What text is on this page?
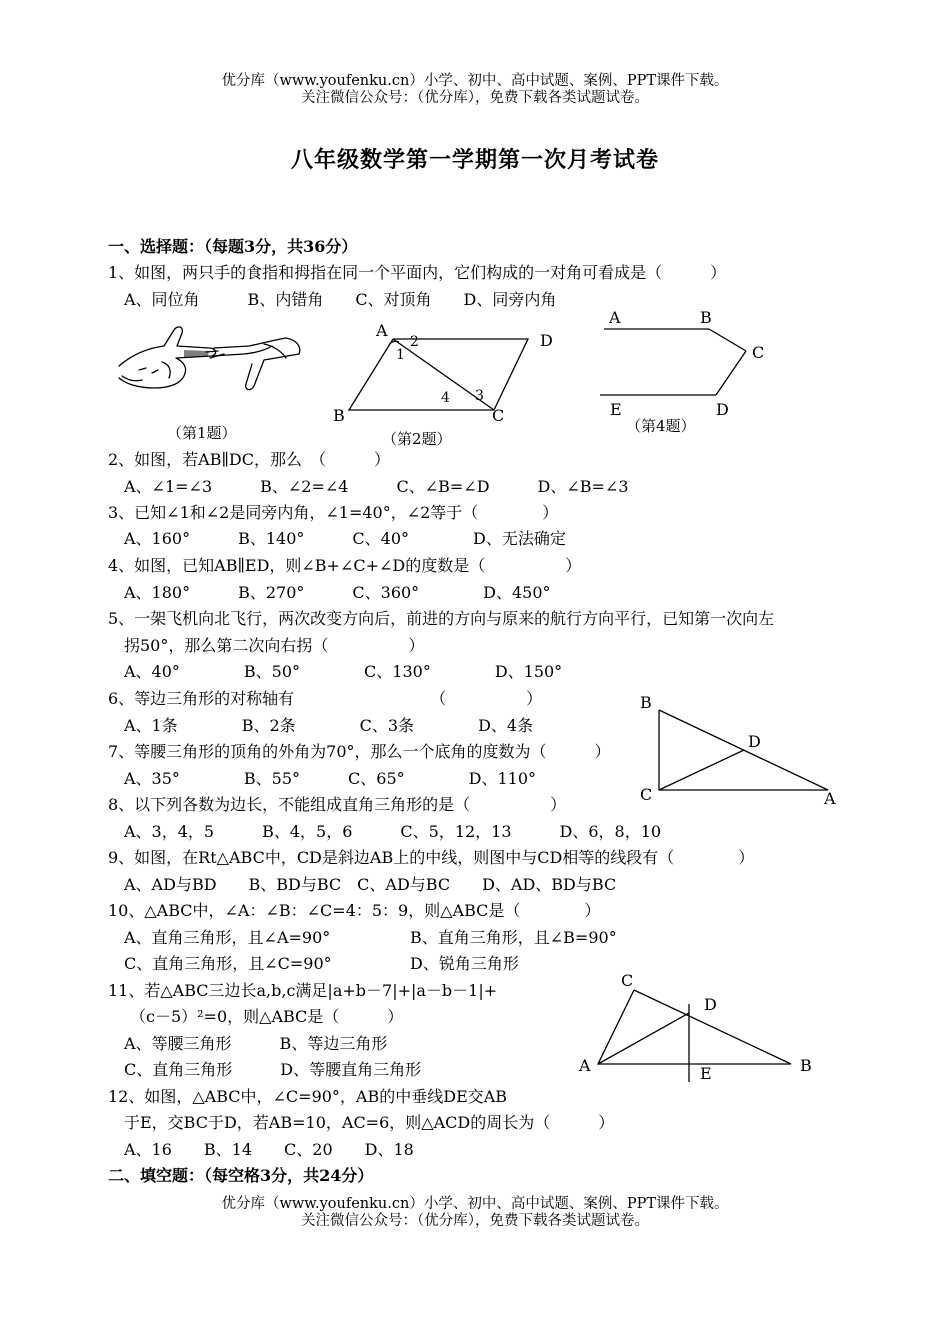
优分库（www.youfenku.cn）小学、初中、高中试题、案例、PPT课件下载。
关注微信公众号：（优分库），免费下载各类试题试卷。
八年级数学第一学期第一次月考试卷
一、选择题：（每题3分，共36分）
1、如图，两只手的食指和拇指在同一个平面内，它们构成的一对角可看成是（　　　）
A、同位角　　　B、内错角　　C、对顶角　　D、同旁内角
（第1题）
A
D
B	C
1
2
3
4
（第2题）
A	B
C
E	D
（第4题）
2、如图，若AB∥DC，那么　（　　　）
A、∠1=∠3　　　B、∠2=∠4　　　C、∠B=∠D　　　D、∠B=∠3
3、已知∠1和∠2是同旁内角，∠1=40°，∠2等于（　　　　）
A、160°　　　B、140°　　　C、40°　　　　D、无法确定
4、如图，已知AB∥ED，则∠B+∠C+∠D的度数是（　　　　　）
A、180°　　　B、270°　　　C、360°　　　　D、450°
5、一架飞机向北飞行，两次改变方向后，前进的方向与原来的航行方向平行，已知第一次向左
拐50°，那么第二次向右拐（　　　　　）
A、40°　　　　B、50°　　　　C、130°　　　　D、150°
6、等边三角形的对称轴有　　　　　　　　　（　　　　　）
A、1条　　　　B、2条　　　　C、3条　　　　D、4条
7、等腰三角形的顶角的外角为70°，那么一个底角的度数为（　　　）
A、35°　　　　B、55°　　　C、65°　　　　D、110°
8、以下列各数为边长，不能组成直角三角形的是（　　　　　）
A、3，4，5　　　B、4，5，6　　　C、5，12，13　　　D、6，8，10
B
D
C	A
9、如图，在Rt△ABC中，CD是斜边AB上的中线，则图中与CD相等的线段有（　　　　）
A、AD与BD　　B、BD与BC　C、AD与BC　　D、AD、BD与BC
10、△ABC中，∠A：∠B：∠C=4：5：9，则△ABC是（　　　　）
A、直角三角形，且∠A=90°	B、直角三角形，且∠B=90°
C、直角三角形，且∠C=90°	D、锐角三角形
C
D
A	E	B
11、若△ABC三边长a,b,c满足|a+b－7|+|a－b－1|+
（c－5）²=0，则△ABC是（　　　）
A、等腰三角形　　　B、等边三角形
C、直角三角形　　　D、等腰直角三角形
12、如图，△ABC中，∠C=90°，AB的中垂线DE交AB
于E，交BC于D，若AB=10，AC=6，则△ACD的周长为（　　　）
A、16　　B、14　　C、20　　D、18
二、填空题：（每空格3分，共24分）
优分库（www.youfenku.cn）小学、初中、高中试题、案例、PPT课件下载。
关注微信公众号：（优分库），免费下载各类试题试卷。
